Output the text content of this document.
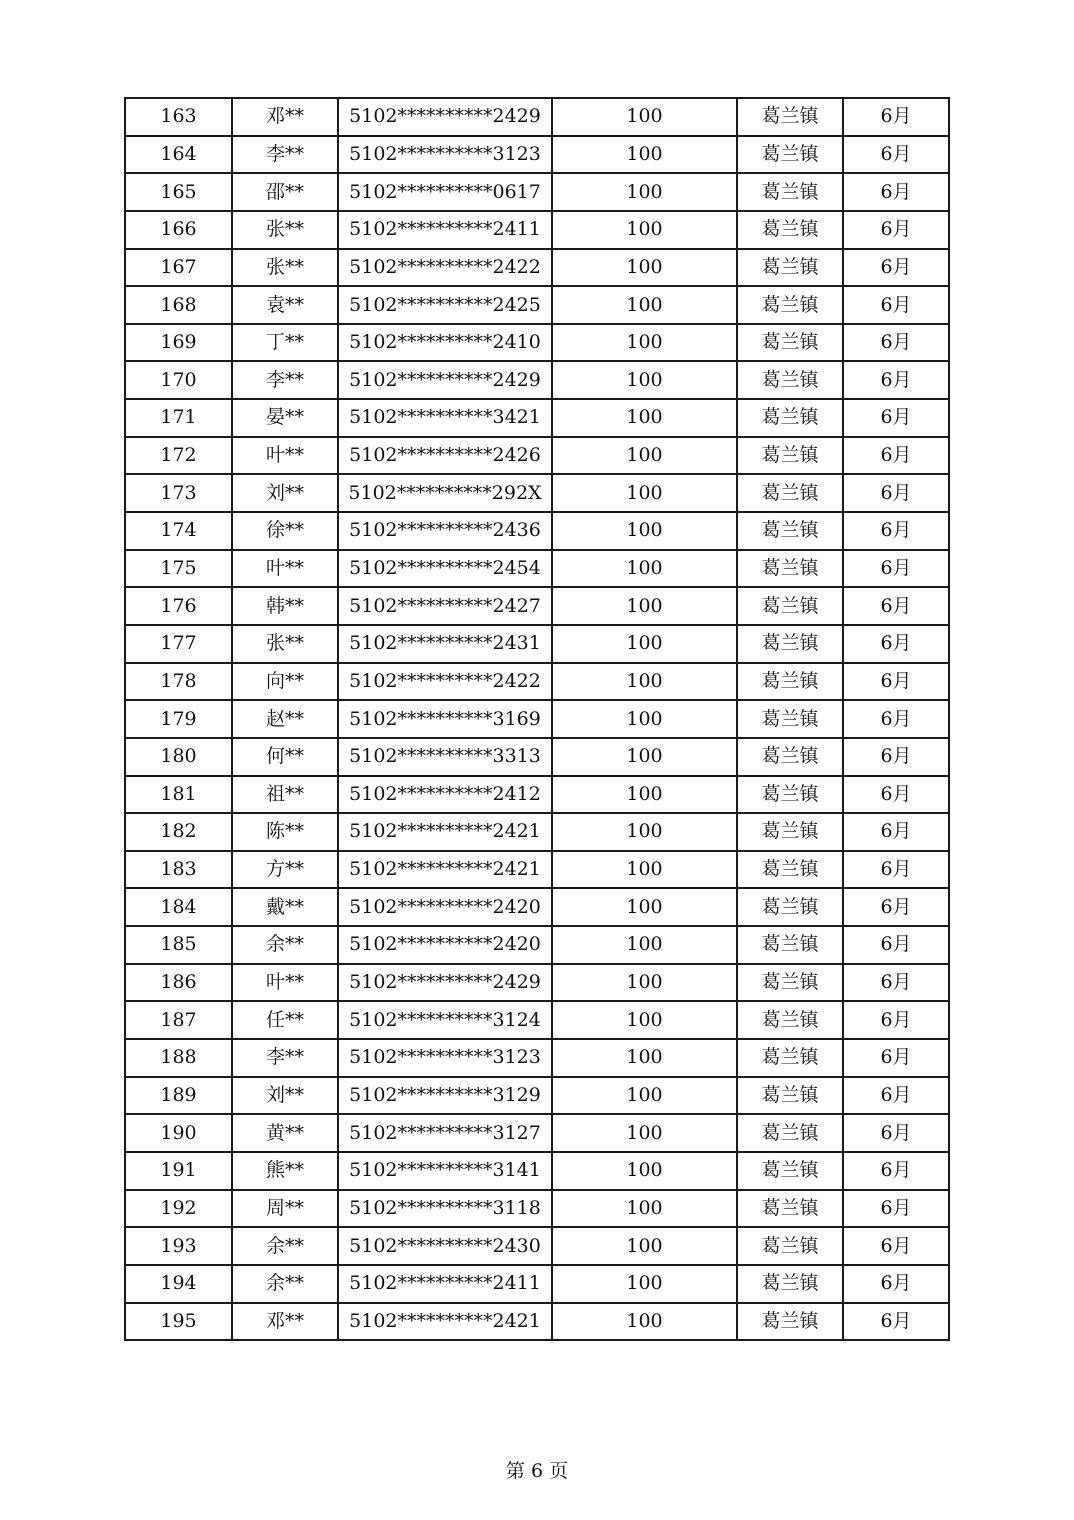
163	邓**	5102**********2429	100	葛兰镇	6月
164	李**	5102**********3123	100	葛兰镇	6月
165	邵**	5102**********0617	100	葛兰镇	6月
166	张**	5102**********2411	100	葛兰镇	6月
167	张**	5102**********2422	100	葛兰镇	6月
168	袁**	5102**********2425	100	葛兰镇	6月
169	丁**	5102**********2410	100	葛兰镇	6月
170	李**	5102**********2429	100	葛兰镇	6月
171	晏**	5102**********3421	100	葛兰镇	6月
172	叶**	5102**********2426	100	葛兰镇	6月
173	刘**	5102**********292X	100	葛兰镇	6月
174	徐**	5102**********2436	100	葛兰镇	6月
175	叶**	5102**********2454	100	葛兰镇	6月
176	韩**	5102**********2427	100	葛兰镇	6月
177	张**	5102**********2431	100	葛兰镇	6月
178	向**	5102**********2422	100	葛兰镇	6月
179	赵**	5102**********3169	100	葛兰镇	6月
180	何**	5102**********3313	100	葛兰镇	6月
181	祖**	5102**********2412	100	葛兰镇	6月
182	陈**	5102**********2421	100	葛兰镇	6月
183	方**	5102**********2421	100	葛兰镇	6月
184	戴**	5102**********2420	100	葛兰镇	6月
185	余**	5102**********2420	100	葛兰镇	6月
186	叶**	5102**********2429	100	葛兰镇	6月
187	任**	5102**********3124	100	葛兰镇	6月
188	李**	5102**********3123	100	葛兰镇	6月
189	刘**	5102**********3129	100	葛兰镇	6月
190	黄**	5102**********3127	100	葛兰镇	6月
191	熊**	5102**********3141	100	葛兰镇	6月
192	周**	5102**********3118	100	葛兰镇	6月
193	余**	5102**********2430	100	葛兰镇	6月
194	余**	5102**********2411	100	葛兰镇	6月
195	邓**	5102**********2421	100	葛兰镇	6月
第 6 页
